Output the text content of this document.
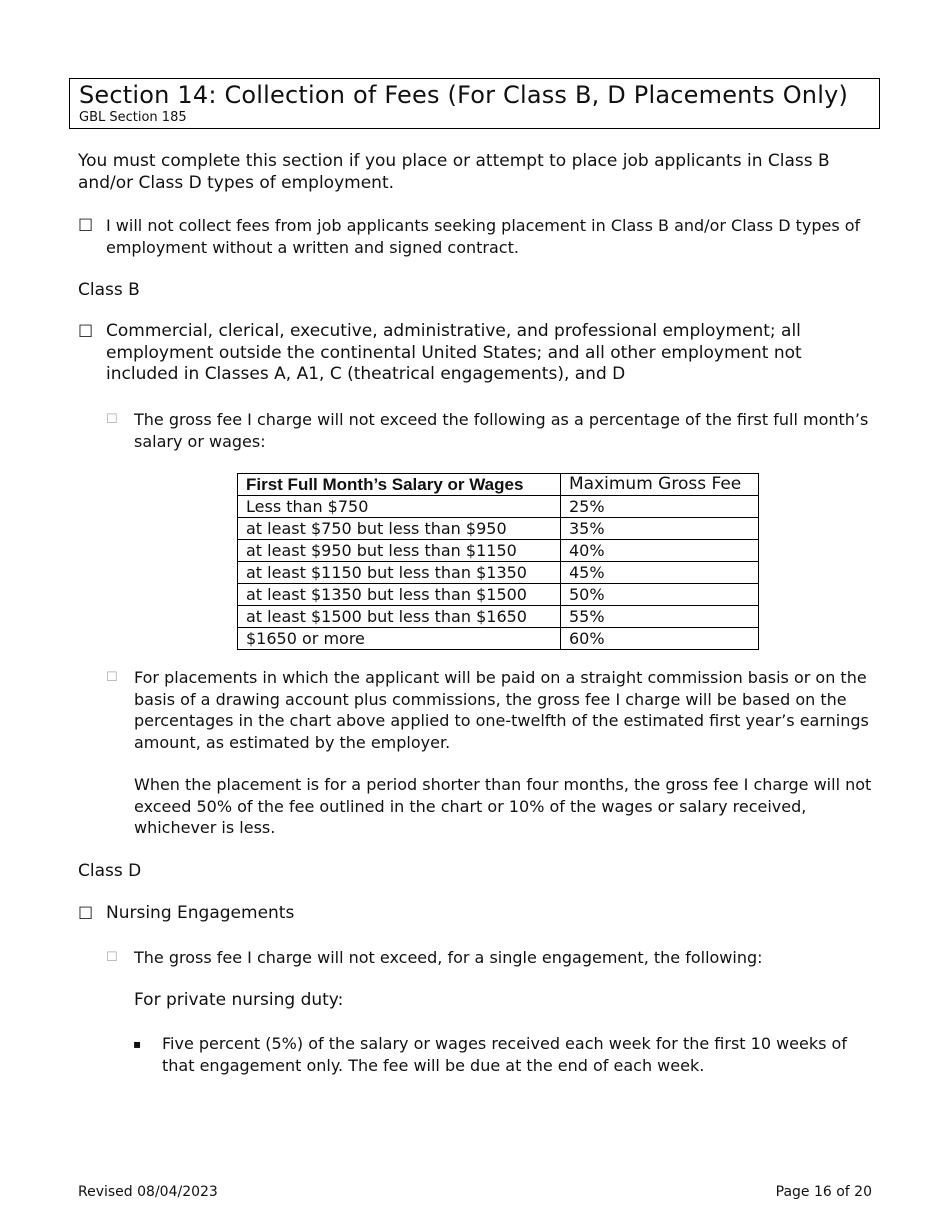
Section 14: Collection of Fees (For Class B, D Placements Only)
GBL Section 185
You must complete this section if you place or attempt to place job applicants in Class B and/or Class D types of employment.
☐ I will not collect fees from job applicants seeking placement in Class B and/or Class D types of employment without a written and signed contract.
Class B
☐ Commercial, clerical, executive, administrative, and professional employment; all employment outside the continental United States; and all other employment not included in Classes A, A1, C (theatrical engagements), and D
☐ The gross fee I charge will not exceed the following as a percentage of the first full month’s salary or wages:
First Full Month’s Salary or Wages	Maximum Gross Fee
Less than $750	25%
at least $750 but less than $950	35%
at least $950 but less than $1150	40%
at least $1150 but less than $1350	45%
at least $1350 but less than $1500	50%
at least $1500 but less than $1650	55%
$1650 or more	60%
☐ For placements in which the applicant will be paid on a straight commission basis or on the basis of a drawing account plus commissions, the gross fee I charge will be based on the percentages in the chart above applied to one-twelfth of the estimated first year’s earnings amount, as estimated by the employer.
When the placement is for a period shorter than four months, the gross fee I charge will not exceed 50% of the fee outlined in the chart or 10% of the wages or salary received, whichever is less.
Class D
☐ Nursing Engagements
☐ The gross fee I charge will not exceed, for a single engagement, the following:
For private nursing duty:
▪ Five percent (5%) of the salary or wages received each week for the first 10 weeks of that engagement only. The fee will be due at the end of each week.
Revised 08/04/2023	Page 16 of 20
